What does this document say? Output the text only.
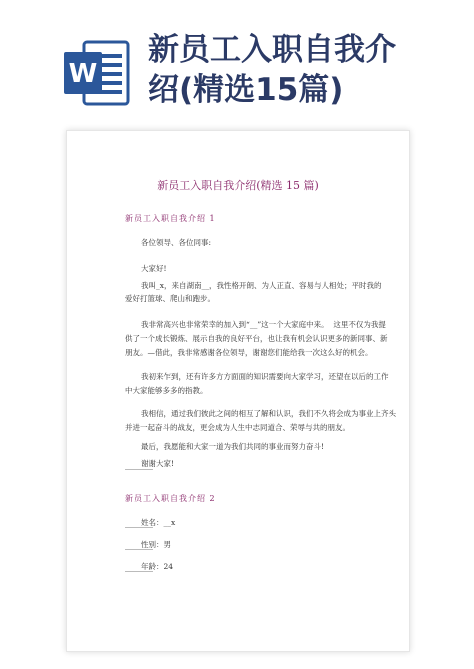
W
新员工入职自我介
绍(精选15篇)

新员工入职自我介绍(精选 15 篇)

新员工入职自我介绍 1

各位领导、各位同事:

大家好!

我叫_x，来自湖南__，我性格开朗、为人正直、容易与人相处；平时我的

爱好打篮球、爬山和跑步。

我非常高兴也非常荣幸的加入到“__”这一个大家庭中来。  这里不仅为我提

供了一个成长锻炼、展示自我的良好平台，也让我有机会认识更多的新同事、新

朋友。—借此，我非常感谢各位领导，谢谢您们能给我一次这么好的机会。

我初来乍到，还有许多方方面面的知识需要向大家学习，还望在以后的工作

中大家能够多多的指教。

我相信，通过我们彼此之间的相互了解和认识，我们不久将会成为事业上齐头

并进一起奋斗的战友，更会成为人生中志同道合、荣辱与共的朋友。

最后，我愿能和大家一道为我们共同的事业而努力奋斗!

谢谢大家!

新员工入职自我介绍 2

姓名：__x

性别：男

年龄：24
